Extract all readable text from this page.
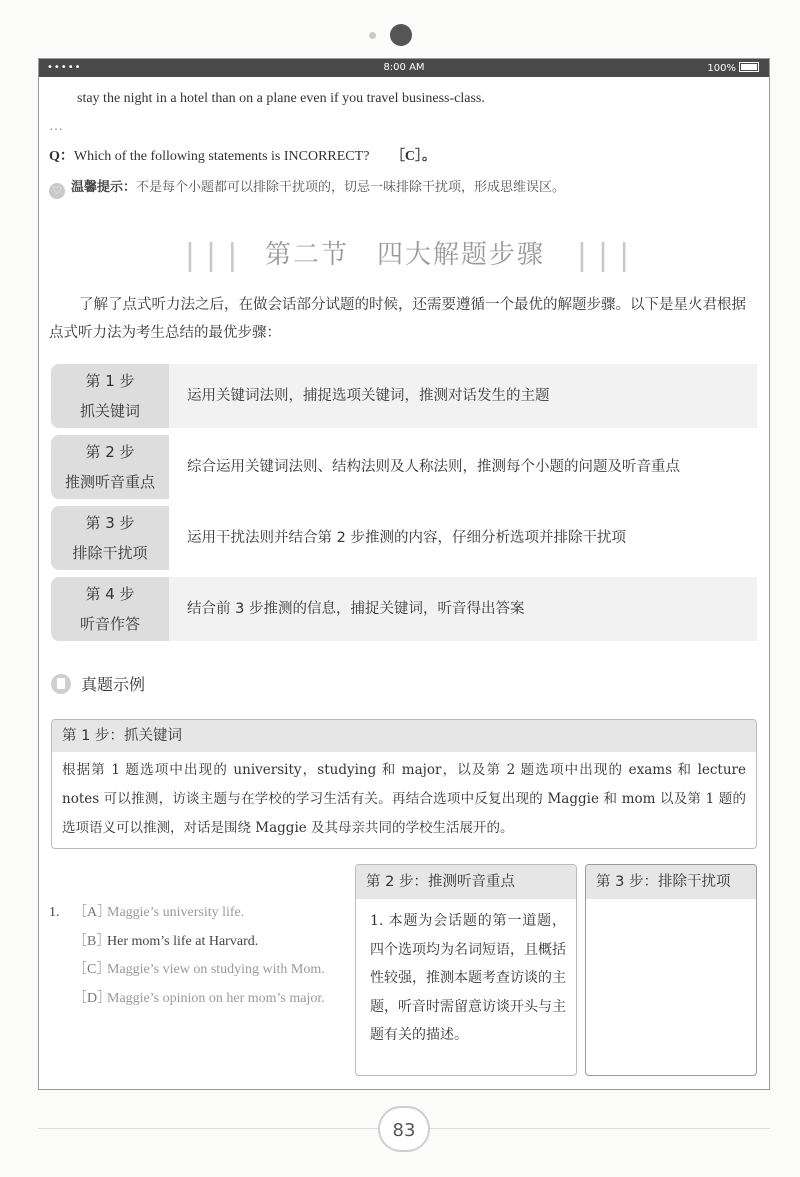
•••••	8:00 AM	100%
stay the night in a hotel than on a plane even if you travel business-class.
…
Q：Which of the following statements is INCORRECT? ［C］。
♡ 温馨提示：不是每个小题都可以排除干扰项的，切忌一味排除干扰项，形成思维误区。
❘❘❘ 第二节　四大解题步骤 ❘❘❘
了解了点式听力法之后，在做会话部分试题的时候，还需要遵循一个最优的解题步骤。以下是星火君根据点式听力法为考生总结的最优步骤：
第 1 步
抓关键词
运用关键词法则，捕捉选项关键词，推测对话发生的主题
第 2 步
推测听音重点
综合运用关键词法则、结构法则及人称法则，推测每个小题的问题及听音重点
第 3 步
排除干扰项
运用干扰法则并结合第 2 步推测的内容，仔细分析选项并排除干扰项
第 4 步
听音作答
结合前 3 步推测的信息，捕捉关键词，听音得出答案
真题示例
第 1 步：抓关键词
根据第 1 题选项中出现的 university，studying 和 major，以及第 2 题选项中出现的 exams 和 lecture notes 可以推测，访谈主题与在学校的学习生活有关。再结合选项中反复出现的 Maggie 和 mom 以及第 1 题的选项语义可以推测，对话是围绕 Maggie 及其母亲共同的学校生活展开的。
1. ［A］
Maggie’s university life.
［B］
Her mom’s life at Harvard.
［C］
Maggie’s view on studying with Mom.
［D］
Maggie’s opinion on her mom’s major.
第 2 步：推测听音重点
1. 本题为会话题的第一道题，四个选项均为名词短语，且概括性较强，推测本题考查访谈的主题，听音时需留意访谈开头与主题有关的描述。
第 3 步：排除干扰项
83
